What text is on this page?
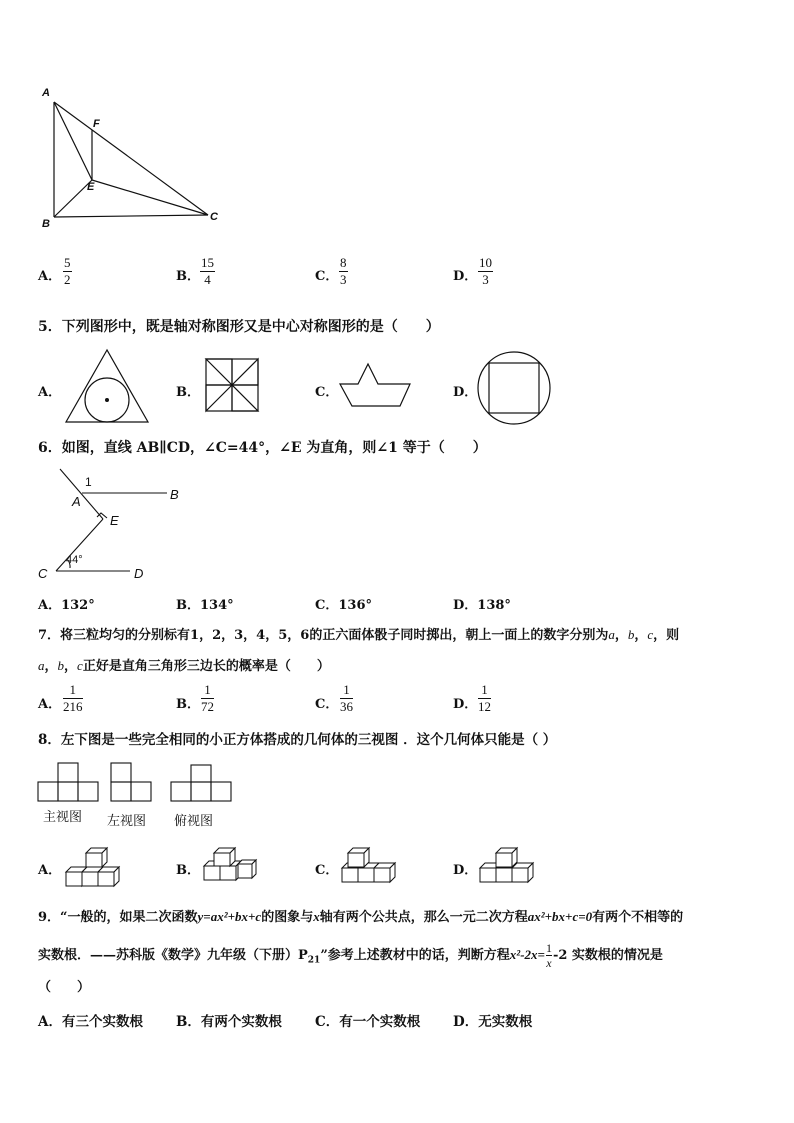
A
F
E
B
C
A． $\frac{5}{2}$	B． $\frac{15}{4}$	C． $\frac{8}{3}$	D． $\frac{10}{3}$
5．下列图形中，既是轴对称图形又是中心对称图形的是（　　）
A．	B．	C．	D．
6．如图，直线 AB∥CD，∠C=44°，∠E 为直角，则∠1 等于（　　）
1
A	B
E
C	D
44°
A．132°	B．134°	C．136°	D．138°
7．将三粒均匀的分别标有1，2，3，4，5，6的正六面体骰子同时掷出，朝上一面上的数字分别为a，b，c，则
a，b，c正好是直角三角形三边长的概率是（　　）
A． $\frac{1}{216}$	B． $\frac{1}{72}$	C． $\frac{1}{36}$	D． $\frac{1}{12}$
8．左下图是一些完全相同的小正方体搭成的几何体的三视图 ．这个几何体只能是（ ）
主视图 左视图 俯视图
A．	B．	C．	D．
9．“一般的，如果二次函数y=ax²+bx+c的图象与x轴有两个公共点，那么一元二次方程ax²+bx+c=0有两个不相等的
实数根．——苏科版《数学》九年级（下册）$P_{21}$”参考上述教材中的话，判断方程$x^2-2x= \frac{1}{x} -2$ 实数根的情况是
（　　）
A．有三个实数根 B．有两个实数根 C．有一个实数根 D．无实数根
